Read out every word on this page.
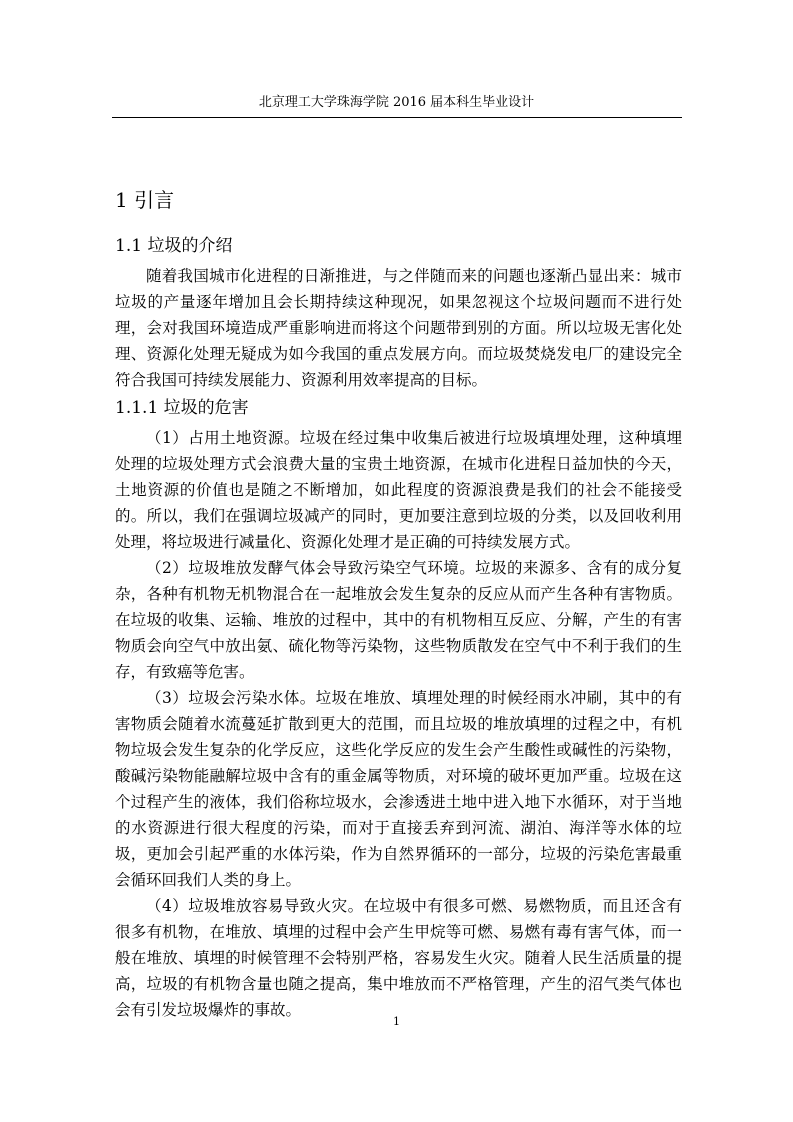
北京理工大学珠海学院 2016 届本科生毕业设计
1 引言
1.1 垃圾的介绍

随着我国城市化进程的日渐推进，与之伴随而来的问题也逐渐凸显出来：城市垃圾的产量逐年增加且会长期持续这种现况，如果忽视这个垃圾问题而不进行处理，会对我国环境造成严重影响进而将这个问题带到别的方面。所以垃圾无害化处理、资源化处理无疑成为如今我国的重点发展方向。而垃圾焚烧发电厂的建设完全符合我国可持续发展能力、资源利用效率提高的目标。

1.1.1 垃圾的危害

（1）占用土地资源。垃圾在经过集中收集后被进行垃圾填埋处理，这种填埋处理的垃圾处理方式会浪费大量的宝贵土地资源，在城市化进程日益加快的今天，土地资源的价值也是随之不断增加，如此程度的资源浪费是我们的社会不能接受的。所以，我们在强调垃圾减产的同时，更加要注意到垃圾的分类，以及回收利用处理，将垃圾进行减量化、资源化处理才是正确的可持续发展方式。

（2）垃圾堆放发酵气体会导致污染空气环境。垃圾的来源多、含有的成分复杂，各种有机物无机物混合在一起堆放会发生复杂的反应从而产生各种有害物质。在垃圾的收集、运输、堆放的过程中，其中的有机物相互反应、分解，产生的有害物质会向空气中放出氨、硫化物等污染物，这些物质散发在空气中不利于我们的生存，有致癌等危害。

（3）垃圾会污染水体。垃圾在堆放、填埋处理的时候经雨水冲刷，其中的有害物质会随着水流蔓延扩散到更大的范围，而且垃圾的堆放填埋的过程之中，有机物垃圾会发生复杂的化学反应，这些化学反应的发生会产生酸性或碱性的污染物，酸碱污染物能融解垃圾中含有的重金属等物质，对环境的破坏更加严重。垃圾在这个过程产生的液体，我们俗称垃圾水，会渗透进土地中进入地下水循环，对于当地的水资源进行很大程度的污染，而对于直接丢弃到河流、湖泊、海洋等水体的垃圾，更加会引起严重的水体污染，作为自然界循环的一部分，垃圾的污染危害最重会循环回我们人类的身上。

（4）垃圾堆放容易导致火灾。在垃圾中有很多可燃、易燃物质，而且还含有很多有机物，在堆放、填埋的过程中会产生甲烷等可燃、易燃有毒有害气体，而一般在堆放、填埋的时候管理不会特别严格，容易发生火灾。随着人民生活质量的提高，垃圾的有机物含量也随之提高，集中堆放而不严格管理，产生的沼气类气体也会有引发垃圾爆炸的事故。

1
